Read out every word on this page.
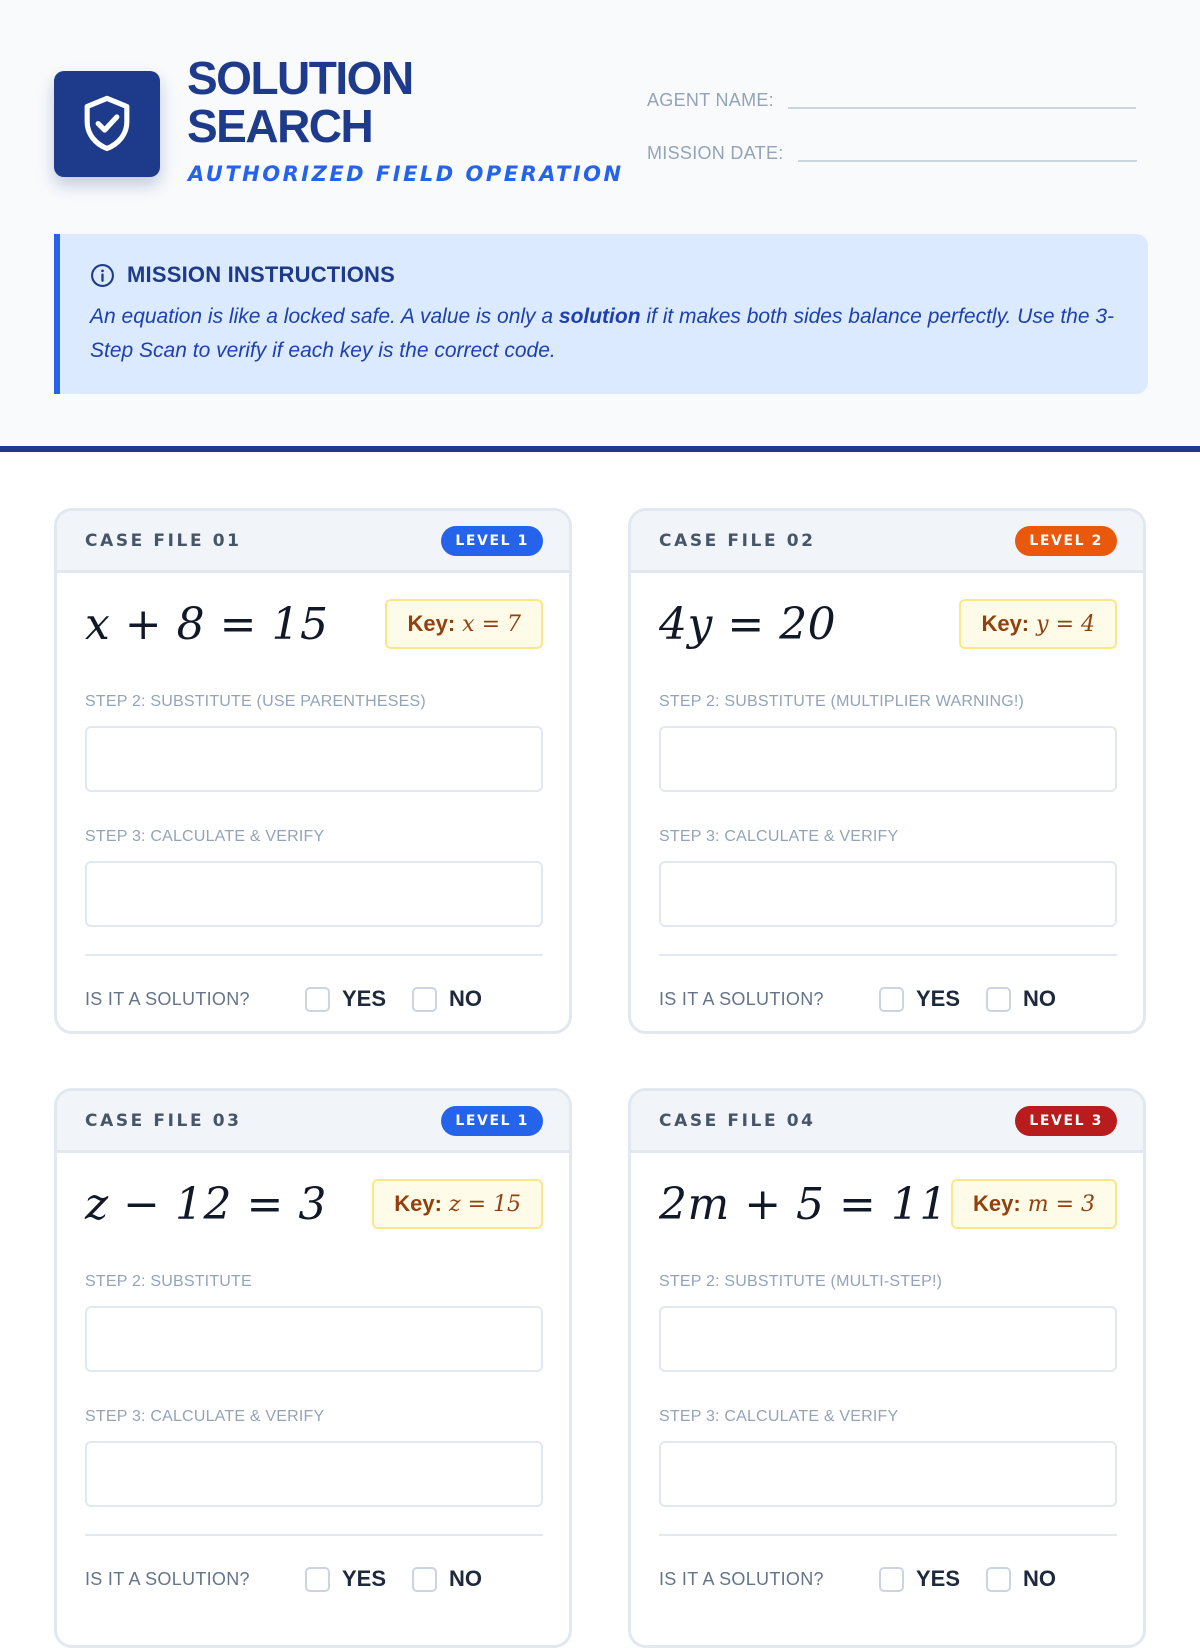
SOLUTION
SEARCH
AUTHORIZED FIELD OPERATION
AGENT NAME:
MISSION DATE:
MISSION INSTRUCTIONS
An equation is like a locked safe. A value is only a solution if it makes both sides balance perfectly. Use the 3-Step Scan to verify if each key is the correct code.
CASE FILE 01	LEVEL 1
x + 8 = 15	Key: x = 7
STEP 2: SUBSTITUTE (USE PARENTHESES)
STEP 3: CALCULATE & VERIFY
IS IT A SOLUTION?	YES	NO
CASE FILE 02	LEVEL 2
4y = 20	Key: y = 4
STEP 2: SUBSTITUTE (MULTIPLIER WARNING!)
STEP 3: CALCULATE & VERIFY
IS IT A SOLUTION?	YES	NO
CASE FILE 03	LEVEL 1
z − 12 = 3	Key: z = 15
STEP 2: SUBSTITUTE
STEP 3: CALCULATE & VERIFY
IS IT A SOLUTION?	YES	NO
CASE FILE 04	LEVEL 3
2m + 5 = 11 Key: m = 3
STEP 2: SUBSTITUTE (MULTI-STEP!)
STEP 3: CALCULATE & VERIFY
IS IT A SOLUTION?	YES	NO
